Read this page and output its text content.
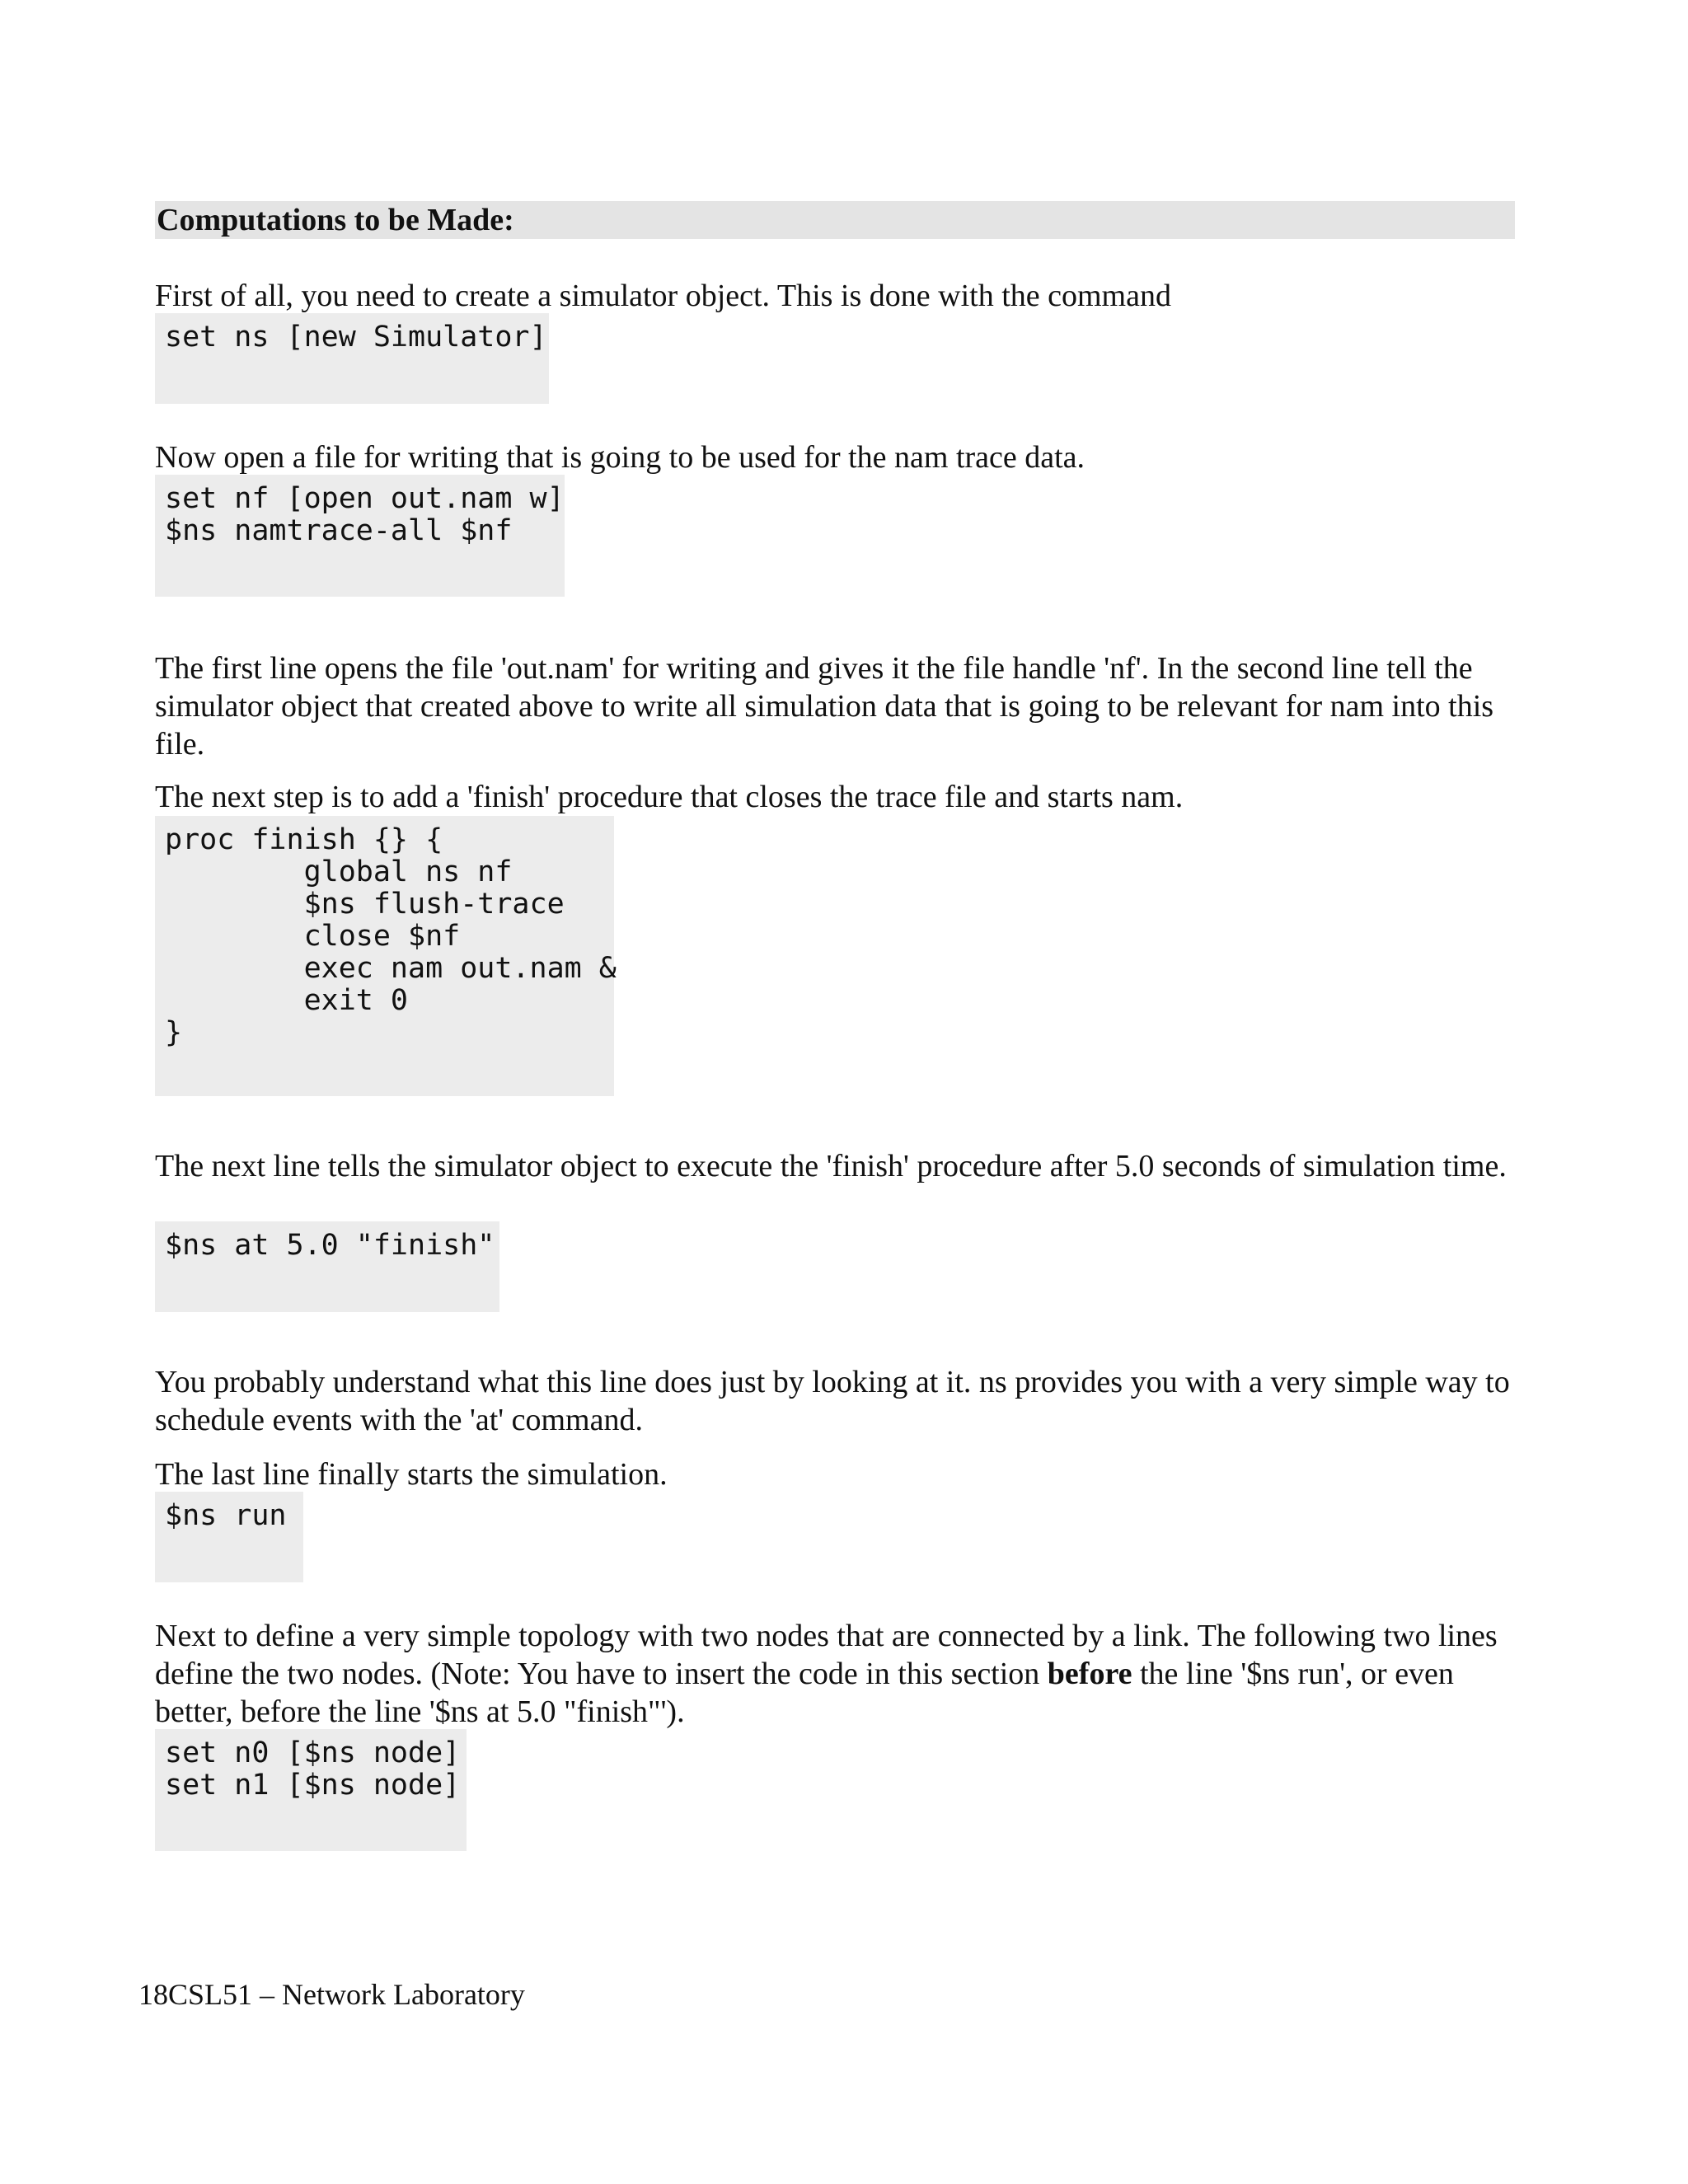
Computations to be Made:

First of all, you need to create a simulator object. This is done with the command

set ns [new Simulator]

Now open a file for writing that is going to be used for the nam trace data.

set nf [open out.nam w]
$ns namtrace-all $nf

The first line opens the file 'out.nam' for writing and gives it the file handle 'nf'. In the second line tell the simulator object that created above to write all simulation data that is going to be relevant for nam into this file.

The next step is to add a 'finish' procedure that closes the trace file and starts nam.

proc finish {} {
global ns nf
$ns flush-trace
close $nf
exec nam out.nam &
exit 0
}

The next line tells the simulator object to execute the 'finish' procedure after 5.0 seconds of simulation time.

$ns at 5.0 "finish"

You probably understand what this line does just by looking at it. ns provides you with a very simple way to schedule events with the 'at' command.

The last line finally starts the simulation.

$ns run

Next to define a very simple topology with two nodes that are connected by a link. The following two lines define the two nodes. (Note: You have to insert the code in this section before the line '$ns run', or even better, before the line '$ns at 5.0 "finish"').

set n0 [$ns node]
set n1 [$ns node]
18CSL51 – Network Laboratory
